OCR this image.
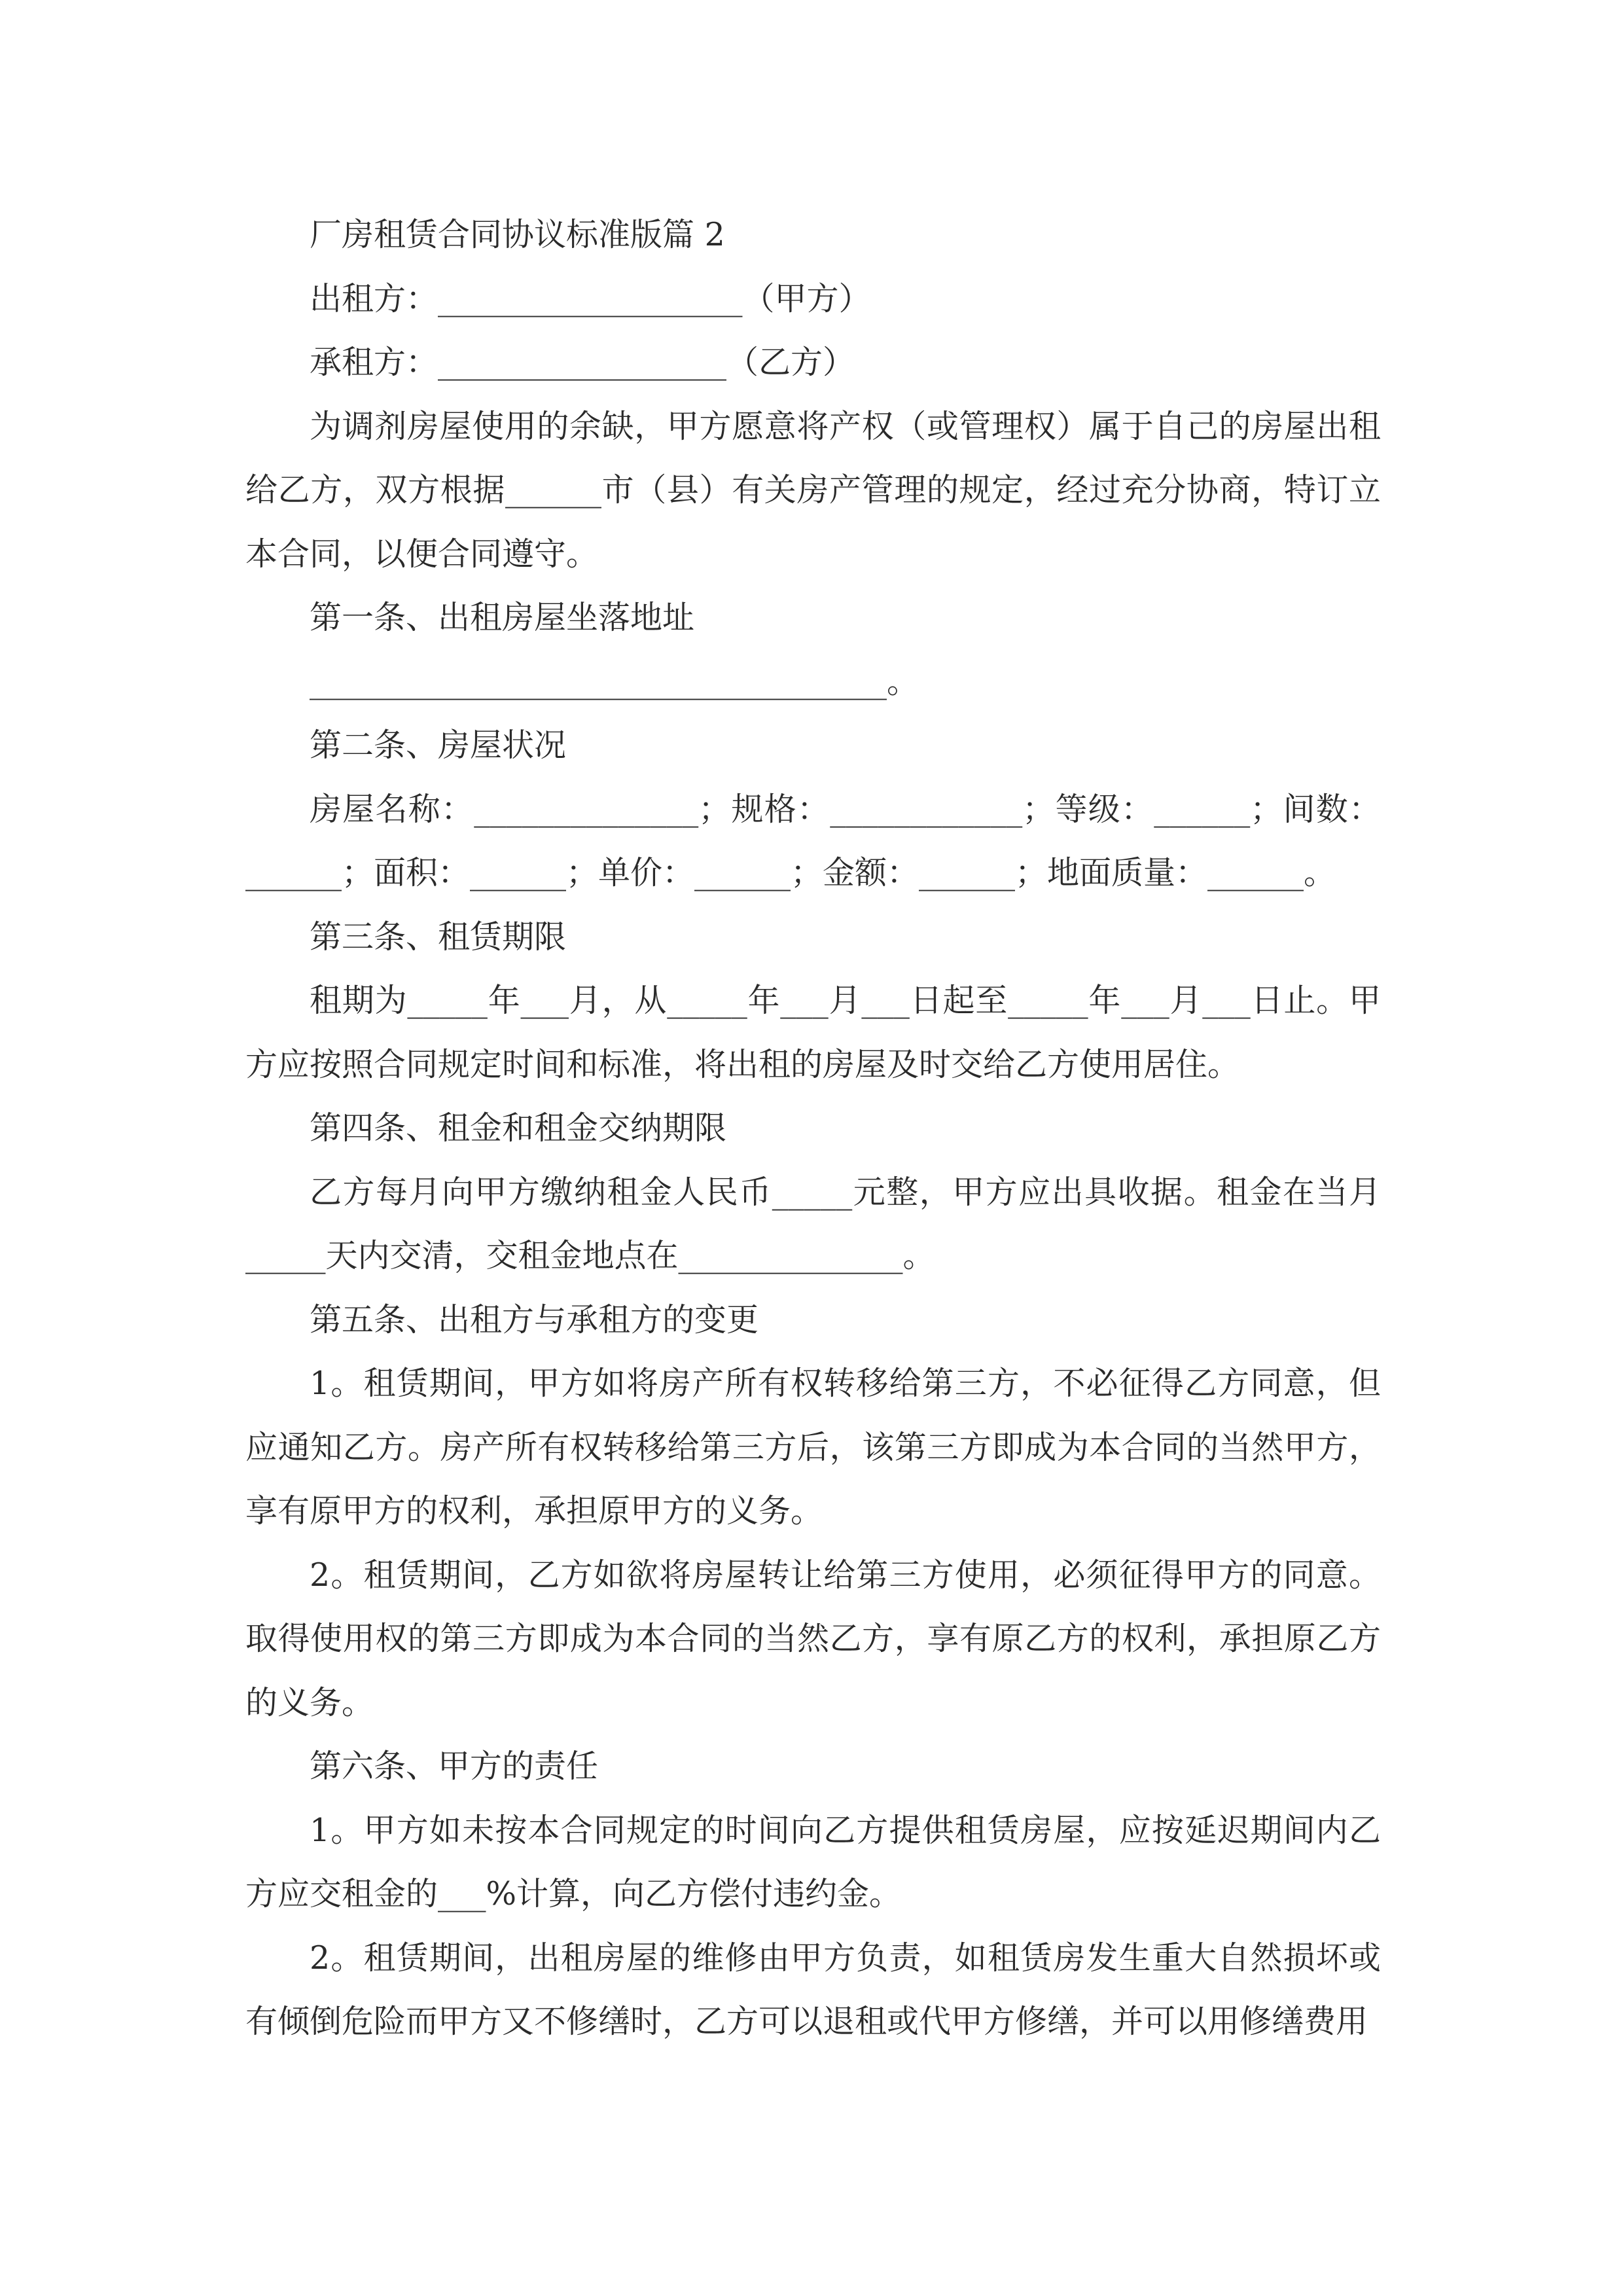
厂房租赁合同协议标准版篇 2

出租方：___________________（甲方）

承租方：__________________（乙方）

为调剂房屋使用的余缺，甲方愿意将产权（或管理权）属于自己的房屋出租给乙方，双方根据______市（县）有关房产管理的规定，经过充分协商，特订立本合同，以便合同遵守。

第一条、出租房屋坐落地址

____________________________________。

第二条、房屋状况

房屋名称：______________；规格：____________；等级：______；间数：______；面积：______；单价：______；金额：______；地面质量：______。

第三条、租赁期限

租期为_____年___月，从_____年___月___日起至_____年___月___日止。甲方应按照合同规定时间和标准，将出租的房屋及时交给乙方使用居住。

第四条、租金和租金交纳期限

乙方每月向甲方缴纳租金人民币_____元整，甲方应出具收据。租金在当月_____天内交清，交租金地点在______________。

第五条、出租方与承租方的变更

1。租赁期间，甲方如将房产所有权转移给第三方，不必征得乙方同意，但应通知乙方。房产所有权转移给第三方后，该第三方即成为本合同的当然甲方，享有原甲方的权利，承担原甲方的义务。

2。租赁期间，乙方如欲将房屋转让给第三方使用，必须征得甲方的同意。取得使用权的第三方即成为本合同的当然乙方，享有原乙方的权利，承担原乙方的义务。

第六条、甲方的责任

1。甲方如未按本合同规定的时间向乙方提供租赁房屋，应按延迟期间内乙方应交租金的___%计算，向乙方偿付违约金。

2。租赁期间，出租房屋的维修由甲方负责，如租赁房发生重大自然损坏或有倾倒危险而甲方又不修缮时，乙方可以退租或代甲方修缮，并可以用修缮费用
